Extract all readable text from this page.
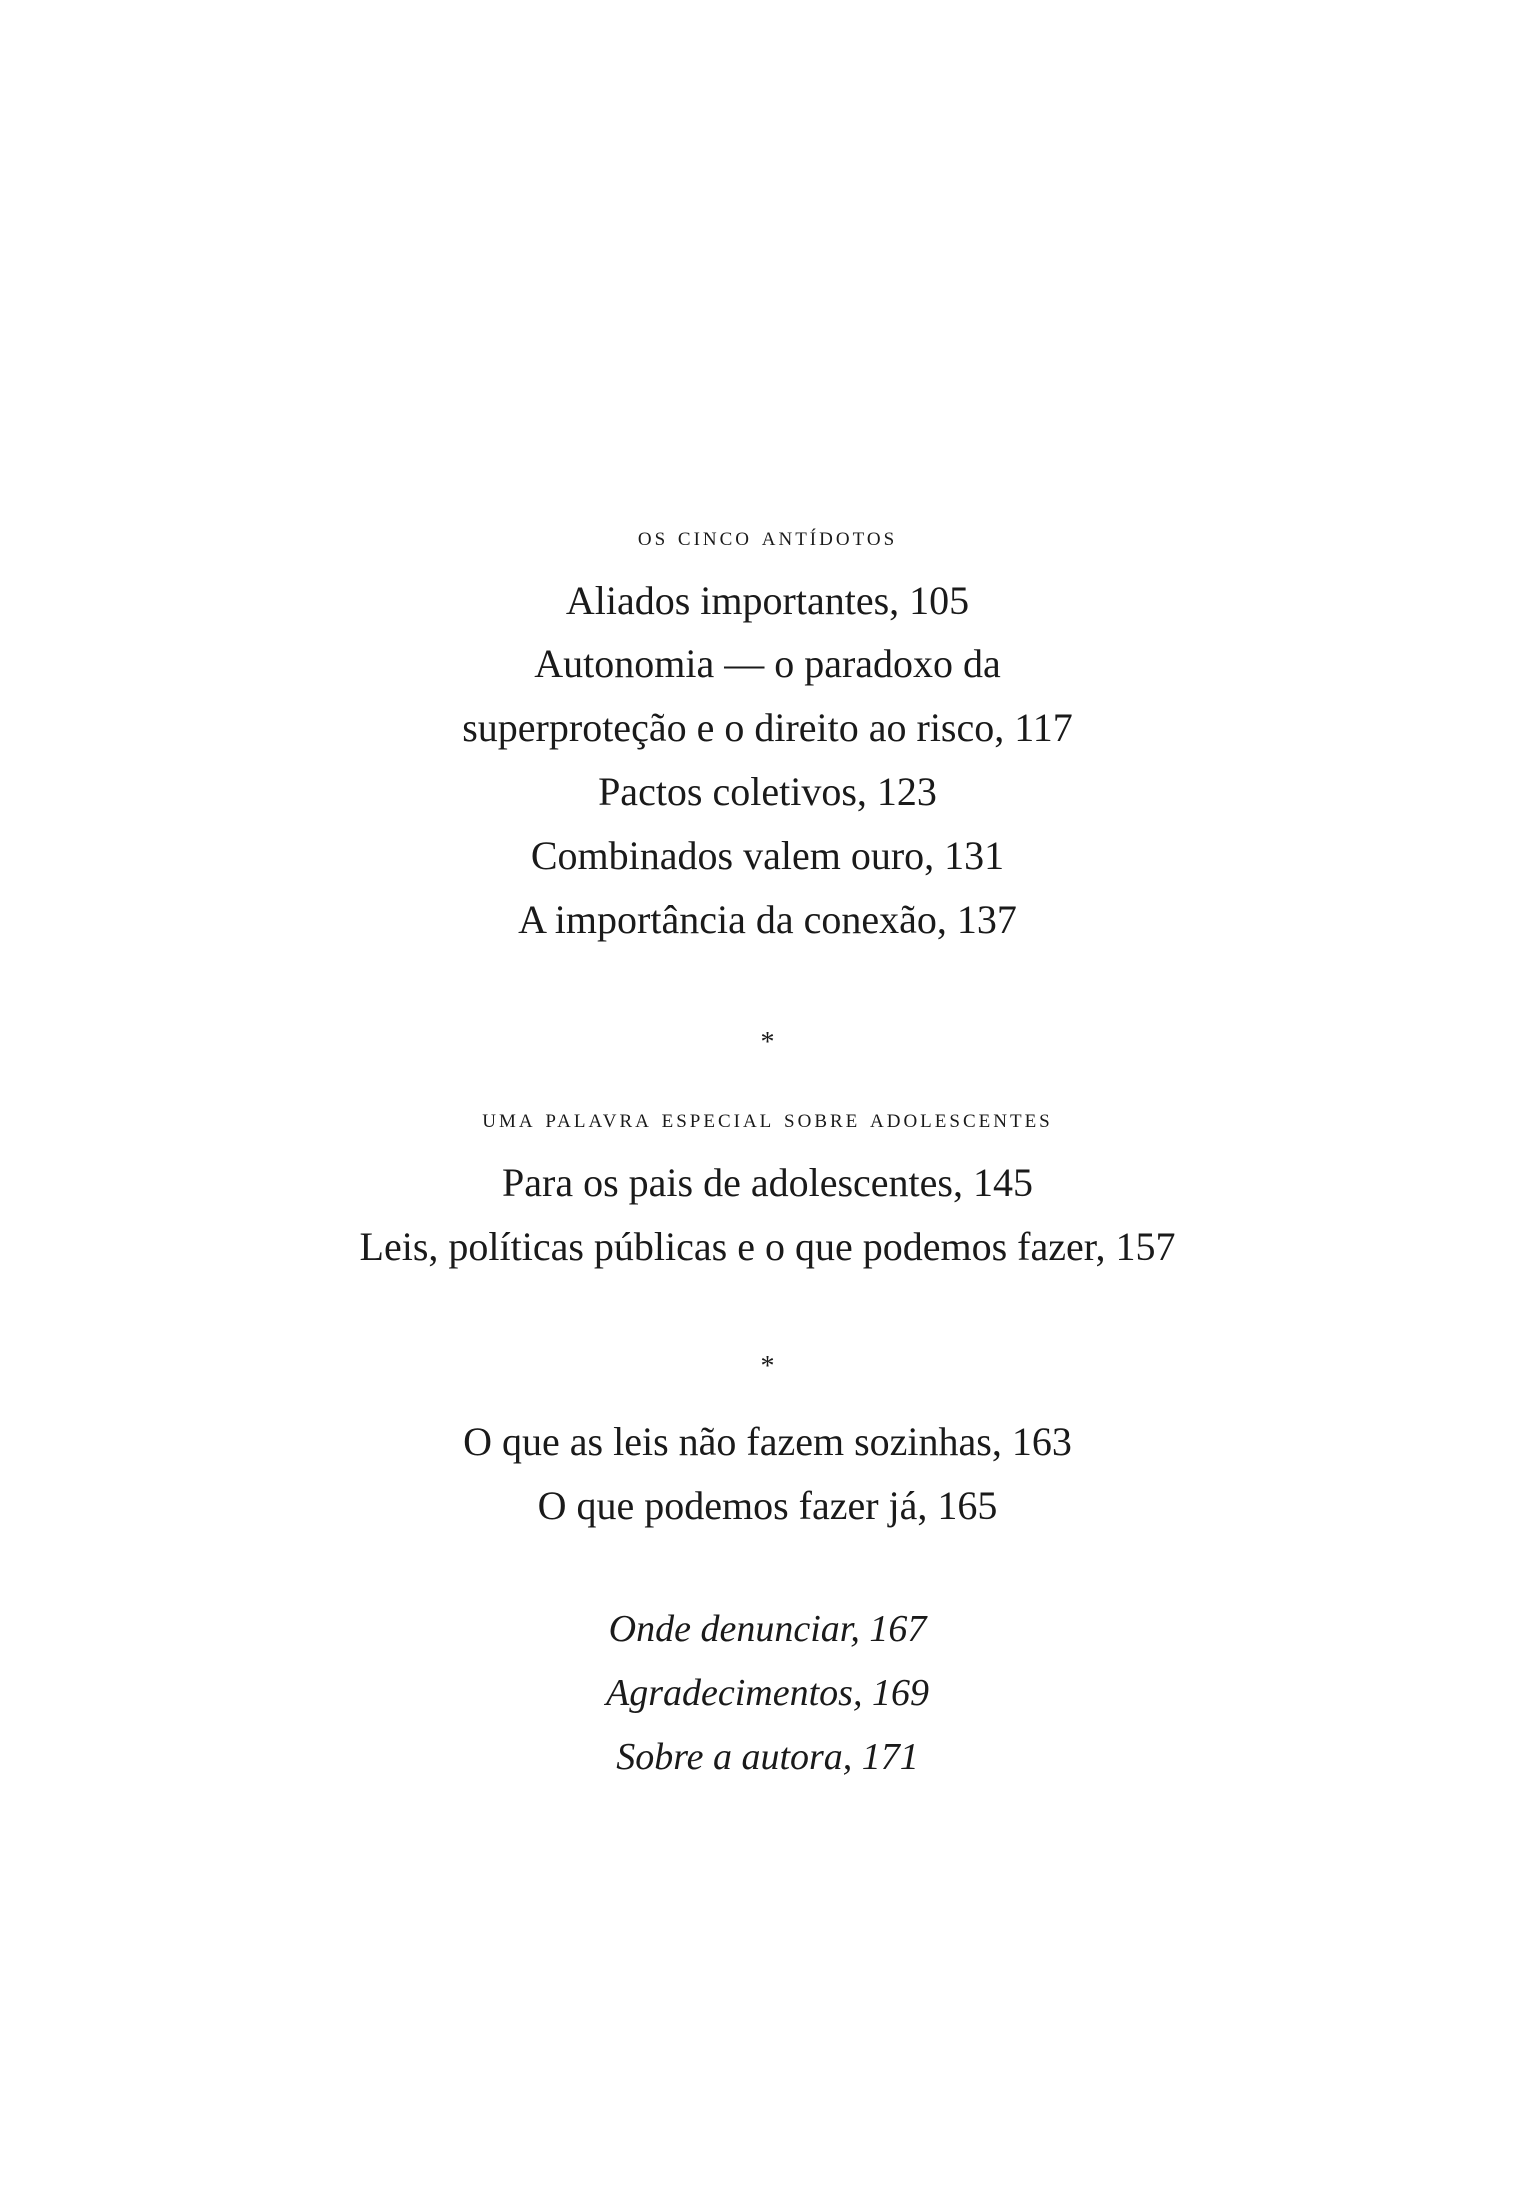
os cinco antídotos
Aliados importantes, 105
Autonomia — o paradoxo da
superproteção e o direito ao risco, 117
Pactos coletivos, 123
Combinados valem ouro, 131
A importância da conexão, 137
*
uma palavra especial sobre adolescentes
Para os pais de adolescentes, 145
Leis, políticas públicas e o que podemos fazer, 157
*
O que as leis não fazem sozinhas, 163
O que podemos fazer já, 165
Onde denunciar, 167
Agradecimentos, 169
Sobre a autora, 171
